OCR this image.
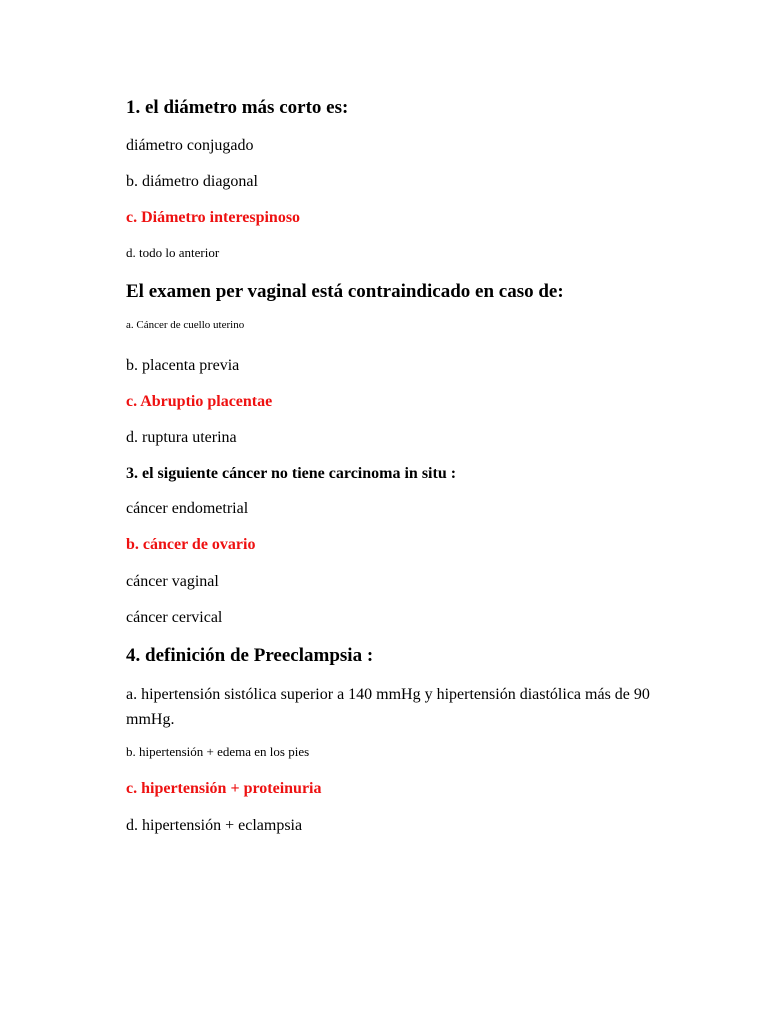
1. el diámetro más corto es:

diámetro conjugado

b. diámetro diagonal

c. Diámetro interespinoso

d. todo lo anterior

El examen per vaginal está contraindicado en caso de:

a. Cáncer de cuello uterino

b. placenta previa

c. Abruptio placentae

d. ruptura uterina

3. el siguiente cáncer no tiene carcinoma in situ :

cáncer endometrial

b. cáncer de ovario

cáncer vaginal

cáncer cervical

4. definición de Preeclampsia :

a. hipertensión sistólica superior a 140 mmHg y hipertensión diastólica más de 90 mmHg.

b. hipertensión + edema en los pies

c. hipertensión + proteinuria

d. hipertensión + eclampsia
